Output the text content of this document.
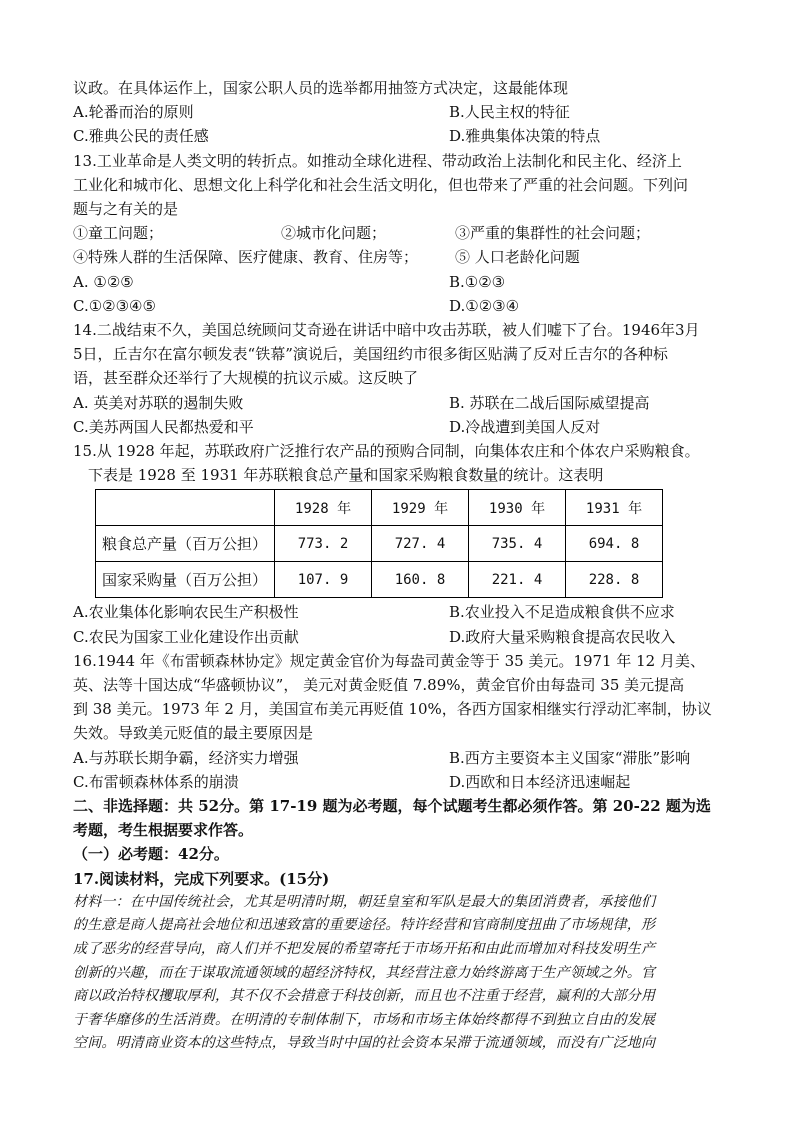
议政。在具体运作上，国家公职人员的选举都用抽签方式决定，这最能体现
A.轮番而治的原则	B.人民主权的特征
C.雅典公民的责任感	D.雅典集体决策的特点
13.工业革命是人类文明的转折点。如推动全球化进程、带动政治上法制化和民主化、经济上
工业化和城市化、思想文化上科学化和社会生活文明化，但也带来了严重的社会问题。下列问
题与之有关的是
①童工问题；	②城市化问题；	③严重的集群性的社会问题；
④特殊人群的生活保障、医疗健康、教育、住房等；	⑤ 人口老龄化问题
A. ①②⑤	B.①②③
C.①②③④⑤	D.①②③④
14.二战结束不久，美国总统顾问艾奇逊在讲话中暗中攻击苏联，被人们嘘下了台。1946年3月
5日，丘吉尔在富尔顿发表“铁幕”演说后，美国纽约市很多街区贴满了反对丘吉尔的各种标
语，甚至群众还举行了大规模的抗议示威。这反映了
A. 英美对苏联的遏制失败	B. 苏联在二战后国际威望提高
C.美苏两国人民都热爱和平	D.冷战遭到美国人反对
15.从 1928 年起，苏联政府广泛推行农产品的预购合同制，向集体农庄和个体农户采购粮食。
下表是 1928 至 1931 年苏联粮食总产量和国家采购粮食数量的统计。这表明
	1928 年	1929 年	1930 年	1931 年
粮食总产量（百万公担）	773. 2	727. 4	735. 4	694. 8
国家采购量（百万公担）	107. 9	160. 8	221. 4	228. 8
A.农业集体化影响农民生产积极性	B.农业投入不足造成粮食供不应求
C.农民为国家工业化建设作出贡献	D.政府大量采购粮食提高农民收入
16.1944 年《布雷顿森林协定》规定黄金官价为每盎司黄金等于 35 美元。1971 年 12 月美、
英、法等十国达成“华盛顿协议”， 美元对黄金贬值 7.89%，黄金官价由每盎司 35 美元提高
到 38 美元。1973 年 2 月，美国宣布美元再贬值 10%，各西方国家相继实行浮动汇率制，协议
失效。导致美元贬值的最主要原因是
A.与苏联长期争霸，经济实力增强	B.西方主要资本主义国家“滞胀”影响
C.布雷顿森林体系的崩溃	D.西欧和日本经济迅速崛起
二、非选择题：共 52分。第 17-19 题为必考题，每个试题考生都必须作答。第 20-22 题为选
考题，考生根据要求作答。
（一）必考题：42分。
17.阅读材料，完成下列要求。(15分)
材料一：在中国传统社会，尤其是明清时期，朝廷皇室和军队是最大的集团消费者，承接他们
的生意是商人提高社会地位和迅速致富的重要途径。特许经营和官商制度扭曲了市场规律，形
成了恶劣的经营导向，商人们并不把发展的希望寄托于市场开拓和由此而增加对科技发明生产
创新的兴趣，而在于谋取流通领域的超经济特权，其经营注意力始终游离于生产领域之外。官
商以政治特权攫取厚利，其不仅不会措意于科技创新，而且也不注重于经营，赢利的大部分用
于奢华靡侈的生活消费。在明清的专制体制下，市场和市场主体始终都得不到独立自由的发展
空间。明清商业资本的这些特点，导致当时中国的社会资本呆滞于流通领域，而没有广泛地向
